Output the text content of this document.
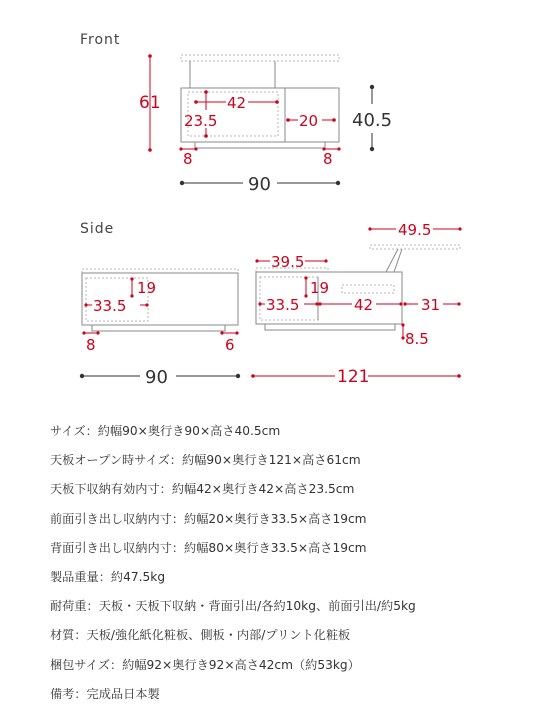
Front
61	42
23.5	20 40.5
8	8
90
Side
19
33.5
8	6
90
49.5
39.5
19
33.5	42	31
8.5
121
サイズ：約幅90×奥行き90×高さ40.5cm
天板オープン時サイズ：約幅90×奥行き121×高さ61cm
天板下収納有効内寸：約幅42×奥行き42×高さ23.5cm
前面引き出し収納内寸：約幅20×奥行き33.5×高さ19cm
背面引き出し収納内寸：約幅80×奥行き33.5×高さ19cm
製品重量：約47.5kg
耐荷重：天板・天板下収納・背面引出/各約10kg、前面引出/約5kg
材質：天板/強化紙化粧板、側板・内部/プリント化粧板
梱包サイズ：約幅92×奥行き92×高さ42cm（約53kg）
備考：完成品日本製
